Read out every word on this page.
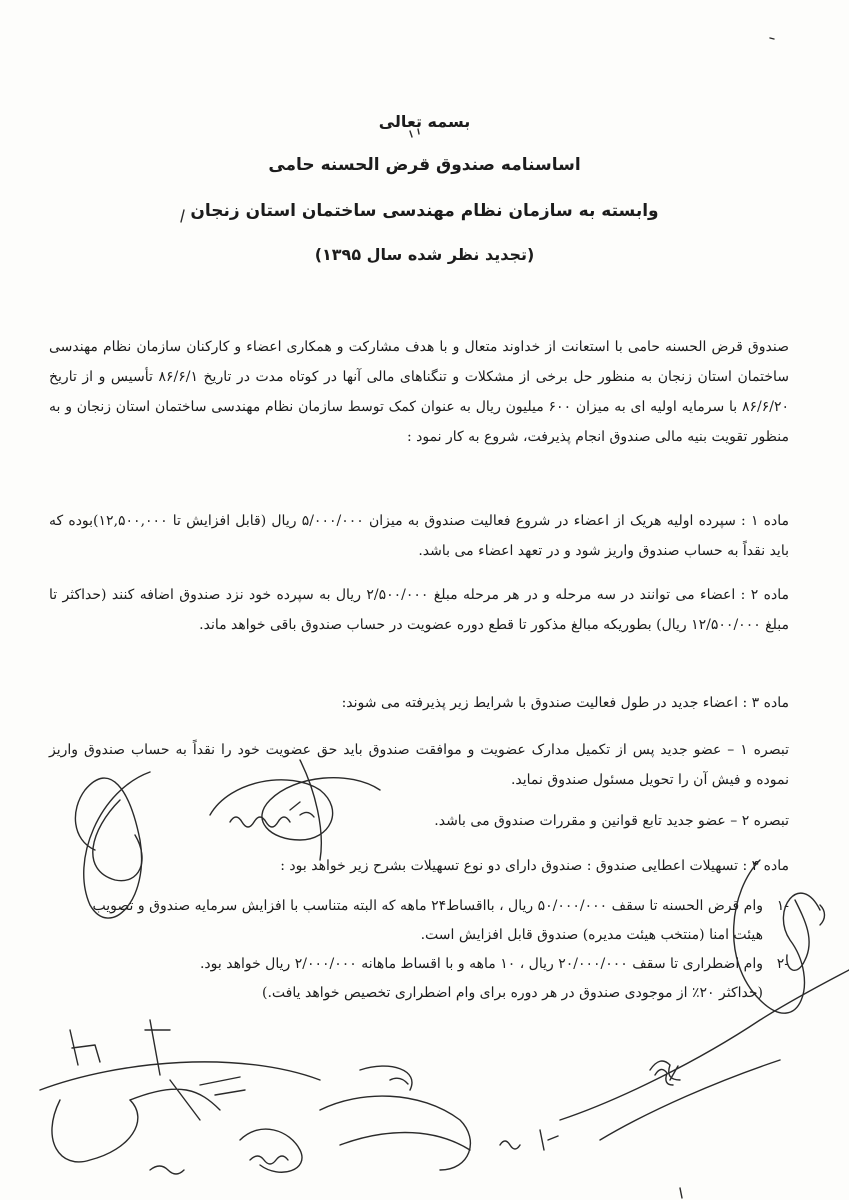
بسمه تعالی
اساسنامه صندوق قرض الحسنه حامی
وابسته به سازمان نظام مهندسی ساختمان استان زنجان
(تجدید نظر شده سال ۱۳۹۵)
صندوق قرض الحسنه حامی با استعانت از خداوند متعال و با هدف مشارکت و همکاری اعضاء و کارکنان سازمان نظام مهندسی ساختمان استان زنجان به منظور حل برخی از مشکلات و تنگناهای مالی آنها در کوتاه مدت در تاریخ ۸۶/۶/۱ تأسیس و از تاریخ ۸۶/۶/۲۰ با سرمایه اولیه ای به میزان ۶۰۰ میلیون ریال به عنوان کمک توسط سازمان نظام مهندسی ساختمان استان زنجان و به منظور تقویت بنیه مالی صندوق انجام پذیرفت، شروع به کار نمود :
ماده ۱ : سپرده اولیه هریک از اعضاء در شروع فعالیت صندوق به میزان ۵/۰۰۰/۰۰۰ ریال (قابل افزایش تا ۱۲,۵۰۰,۰۰۰)بوده که باید نقداً به حساب صندوق واریز شود و در تعهد اعضاء می باشد.
ماده ۲ : اعضاء می توانند در سه مرحله و در هر مرحله مبلغ ۲/۵۰۰/۰۰۰ ریال به سپرده خود نزد صندوق اضافه کنند (حداکثر تا مبلغ ۱۲/۵۰۰/۰۰۰ ریال) بطوریکه مبالغ مذکور تا قطع دوره عضویت در حساب صندوق باقی خواهد ماند.
ماده ۳ : اعضاء جدید در طول فعالیت صندوق با شرایط زیر پذیرفته می شوند:
تبصره ۱ – عضو جدید پس از تکمیل مدارک عضویت و موافقت صندوق باید حق عضویت خود را نقداً به حساب صندوق واریز نموده و فیش آن را تحویل مسئول صندوق نماید.
تبصره ۲ – عضو جدید تابع قوانین و مقررات صندوق می باشد.
ماده ۴ : تسهیلات اعطایی صندوق : صندوق دارای دو نوع تسهیلات بشرح زیر خواهد بود :
-۱
وام قرض الحسنه تا سقف ۵۰/۰۰۰/۰۰۰ ریال ، بااقساط۲۴ ماهه که البته متناسب با افزایش سرمایه صندوق و تصویب هیئت امنا (منتخب هیئت مدیره) صندوق قابل افزایش است.
-۲
وام اضطراری تا سقف ۲۰/۰۰۰/۰۰۰ ریال ، ۱۰ ماهه و با اقساط ماهانه ۲/۰۰۰/۰۰۰ ریال خواهد بود.
(حداکثر ۲۰٪ از موجودی صندوق در هر دوره برای وام اضطراری تخصیص خواهد یافت.)
